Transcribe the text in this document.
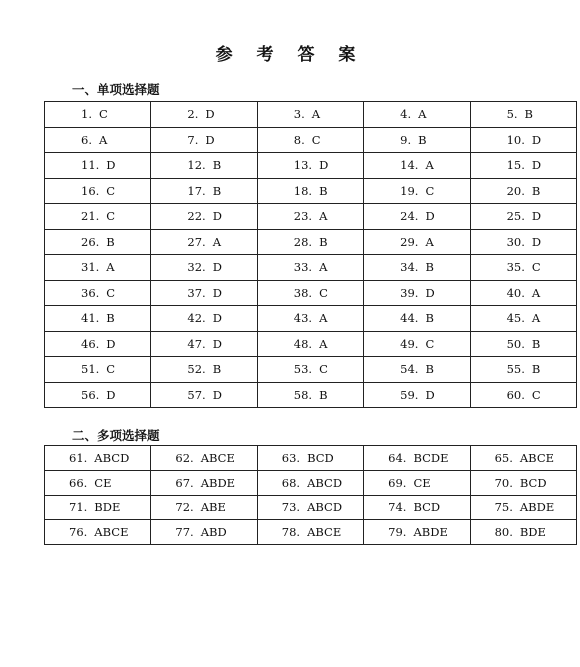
参 考 答 案
一、单项选择题
1. C	2. D	3. A	4. A	5. B
6. A	7. D	8. C	9. B	10. D
11. D	12. B	13. D	14. A	15. D
16. C	17. B	18. B	19. C	20. B
21. C	22. D	23. A	24. D	25. D
26. B	27. A	28. B	29. A	30. D
31. A	32. D	33. A	34. B	35. C
36. C	37. D	38. C	39. D	40. A
41. B	42. D	43. A	44. B	45. A
46. D	47. D	48. A	49. C	50. B
51. C	52. B	53. C	54. B	55. B
56. D	57. D	58. B	59. D	60. C
二、多项选择题
61. ABCD	62. ABCE	63. BCD	64. BCDE	65. ABCE
66. CE	67. ABDE	68. ABCD	69. CE	70. BCD
71. BDE	72. ABE	73. ABCD	74. BCD	75. ABDE
76. ABCE	77. ABD	78. ABCE	79. ABDE	80. BDE
